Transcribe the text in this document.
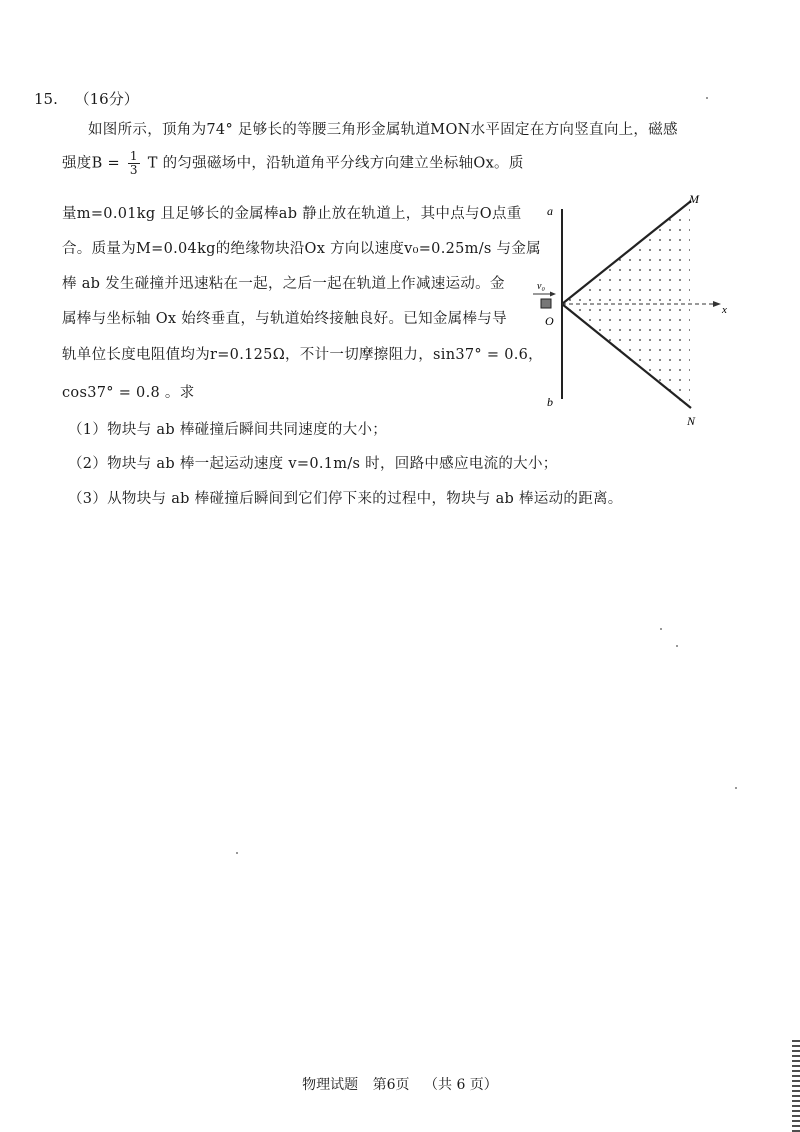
15. （16分）
如图所示，顶角为74° 足够长的等腰三角形金属轨道MON水平固定在方向竖直向上，磁感
强度$B = \frac{1}{3}$ T 的匀强磁场中，沿轨道角平分线方向建立坐标轴Ox。质
量m=0.01kg 且足够长的金属棒ab 静止放在轨道上，其中点与O点重
合。质量为M=0.04kg的绝缘物块沿Ox 方向以速度v₀=0.25m/s 与金属
棒 ab 发生碰撞并迅速粘在一起，之后一起在轨道上作减速运动。金
属棒与坐标轴 Ox 始终垂直，与轨道始终接触良好。已知金属棒与导
轨单位长度电阻值均为r=0.125Ω，不计一切摩擦阻力，sin37° = 0.6，
cos37° = 0.8 。求
（1）物块与 ab 棒碰撞后瞬间共同速度的大小；
（2）物块与 ab 棒一起运动速度 v=0.1m/s 时，回路中感应电流的大小；
（3）从物块与 ab 棒碰撞后瞬间到它们停下来的过程中，物块与 ab 棒运动的距离。
a
b
M
N
O
x
v₀
物理试题 第6页 （共 6 页）
